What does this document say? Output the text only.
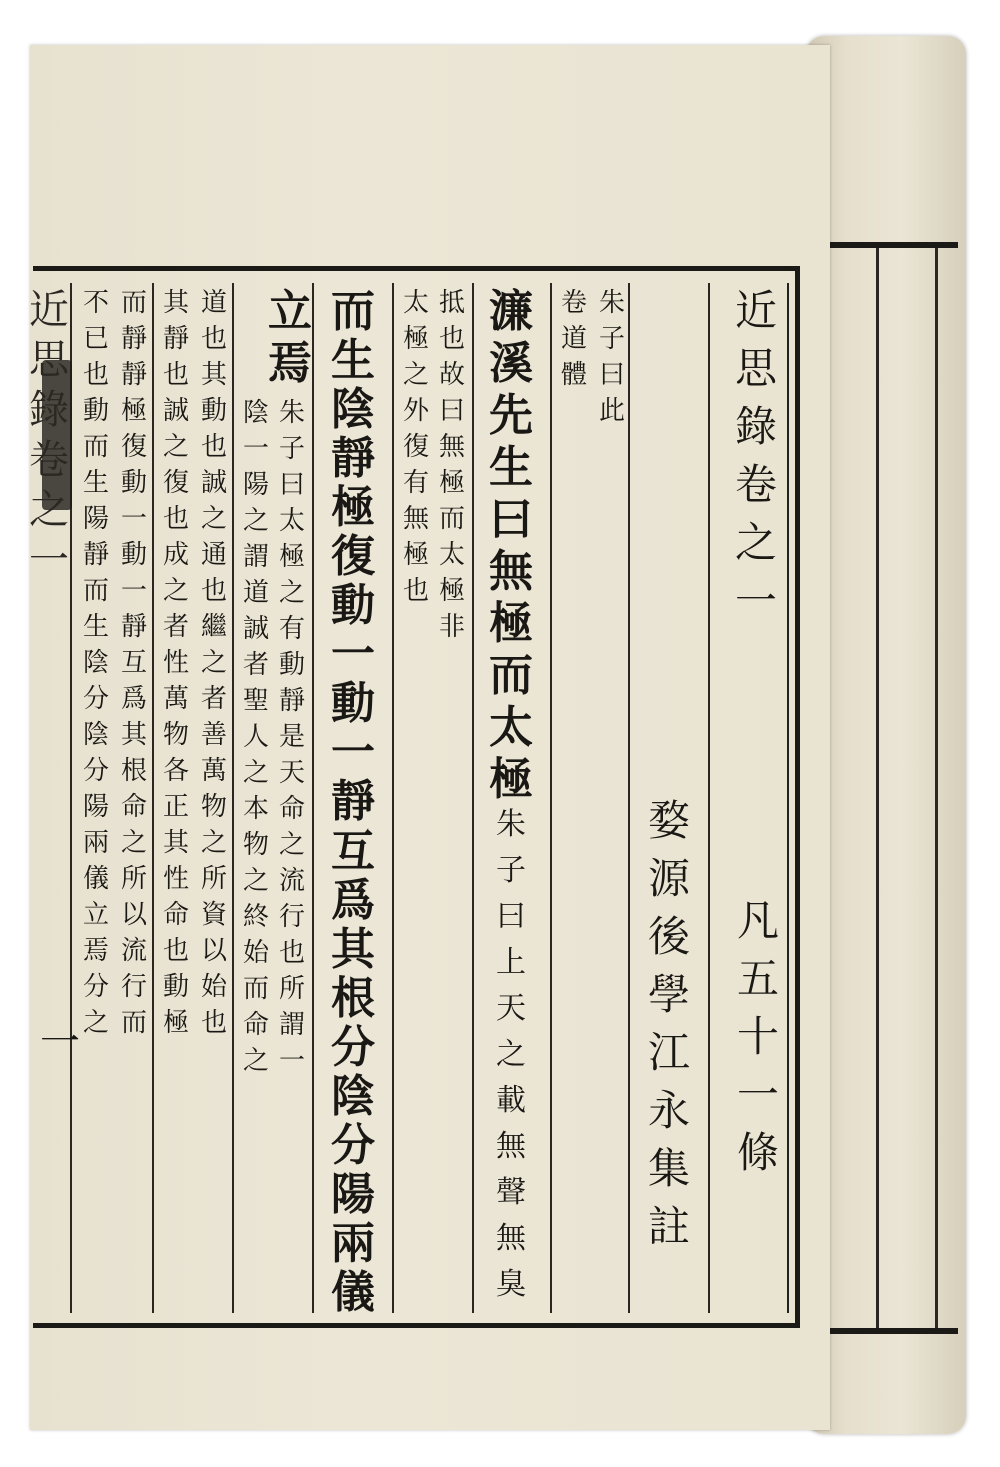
近
思
錄
卷
之
一
凡
五
十
一
條
婺
源
後
學
江
永
集
註
朱
子
曰
此
卷
道
體
濂
溪
先
生
曰
無
極
而
太
極
朱
子
曰
上
天
之
載
無
聲
無
臭
抵
也
故
曰
無
極
而
太
極
非
太
極
之
外
復
有
無
極
也
而
生
陰
靜
極
復
動
一
動
一
靜
互
爲
其
根
分
陰
分
陽
兩
儀
立
焉
朱
子
曰
太
極
之
有
動
靜
是
天
命
之
流
行
也
所
謂
一
陰
一
陽
之
謂
道
誠
者
聖
人
之
本
物
之
終
始
而
命
之
道
也
其
動
也
誠
之
通
也
繼
之
者
善
萬
物
之
所
資
以
始
也
其
靜
也
誠
之
復
也
成
之
者
性
萬
物
各
正
其
性
命
也
動
極
而
靜
靜
極
復
動
一
動
一
靜
互
爲
其
根
命
之
所
以
流
行
而
不
已
也
動
而
生
陽
靜
而
生
陰
分
陰
分
陽
兩
儀
立
焉
分
之
近
思
錄
卷
之
一
一
